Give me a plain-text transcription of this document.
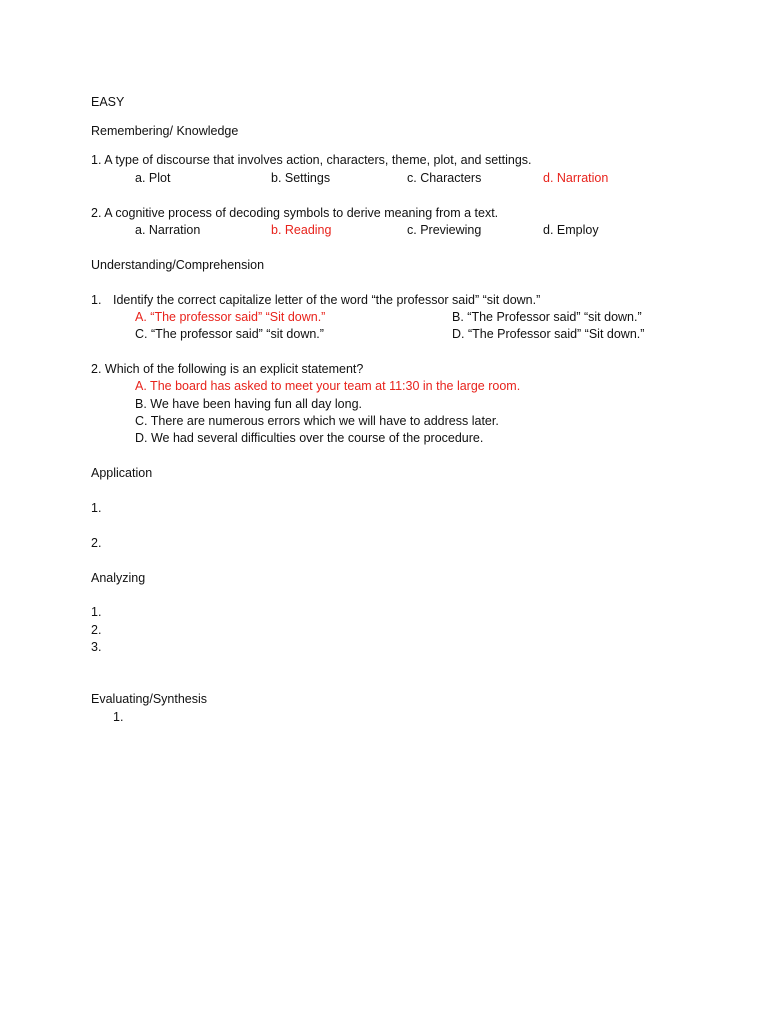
EASY
Remembering/ Knowledge
1. A type of discourse that involves action, characters, theme, plot, and settings.
a. Plot	b. Settings	c. Characters	d. Narration
2. A cognitive process of decoding symbols to derive meaning from a text.
a. Narration	b. Reading	c. Previewing	d. Employ
Understanding/Comprehension
1. Identify the correct capitalize letter of the word “the professor said” “sit down.”
A. “The professor said” “Sit down.”	B. “The Professor said” “sit down.”
C. “The professor said” “sit down.”	D. “The Professor said” “Sit down.”
2. Which of the following is an explicit statement?
A. The board has asked to meet your team at 11:30 in the large room.
B. We have been having fun all day long.
C. There are numerous errors which we will have to address later.
D. We had several difficulties over the course of the procedure.
Application
1.
2.
Analyzing
1.
2.
3.
Evaluating/Synthesis
1.
